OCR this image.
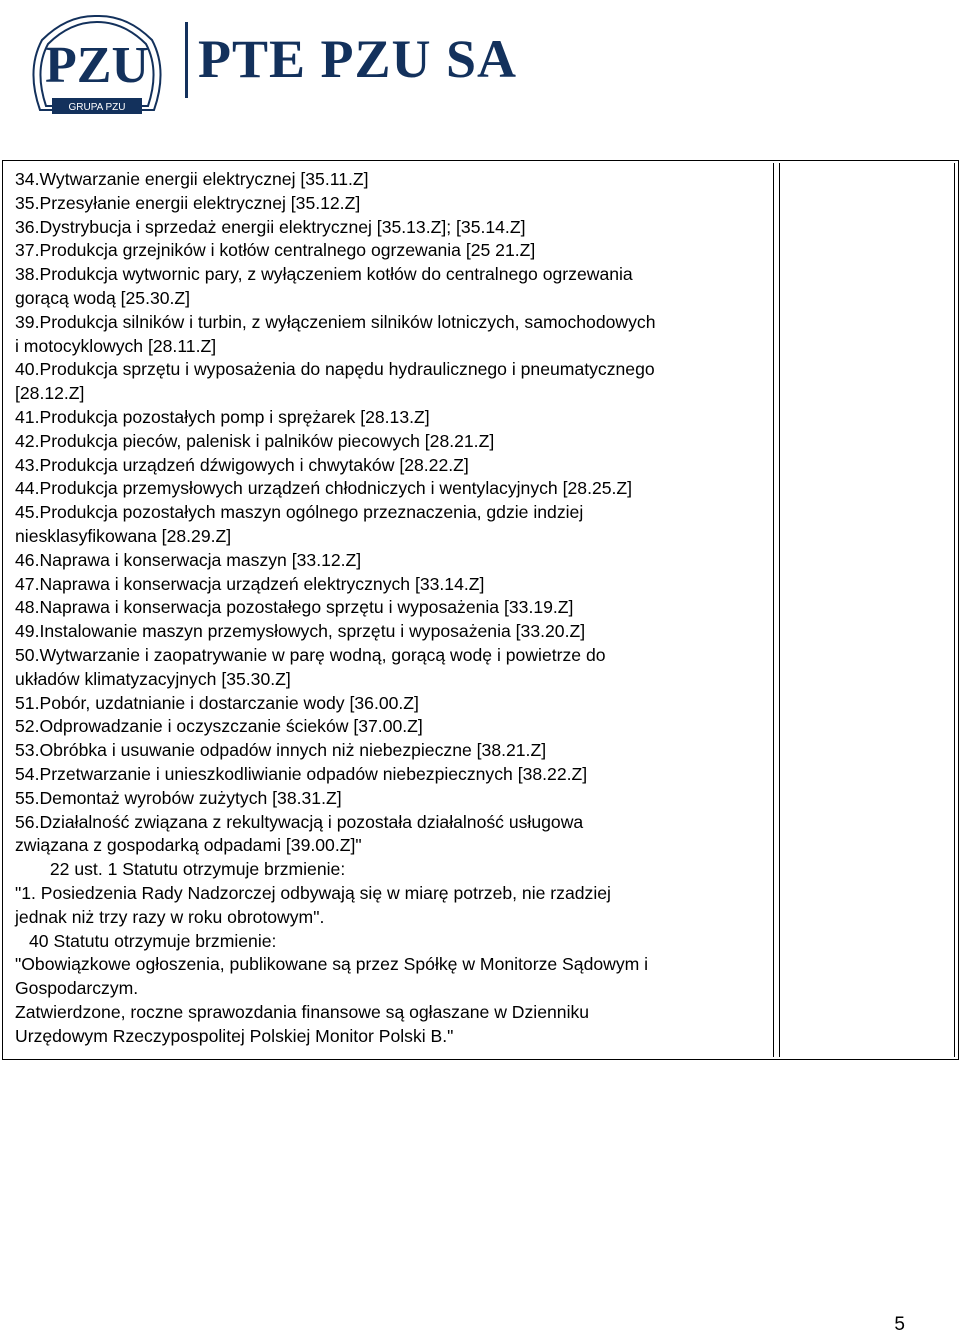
PZU
GRUPA PZU
PTE PZU SA
34.Wytwarzanie energii elektrycznej [35.11.Z]
35.Przesyłanie energii elektrycznej [35.12.Z]
36.Dystrybucja i sprzedaż energii elektrycznej [35.13.Z]; [35.14.Z]
37.Produkcja grzejników i kotłów centralnego ogrzewania [25 21.Z]
38.Produkcja wytwornic pary, z wyłączeniem kotłów do centralnego ogrzewania
gorącą wodą [25.30.Z]
39.Produkcja silników i turbin, z wyłączeniem silników lotniczych, samochodowych
i motocyklowych [28.11.Z]
40.Produkcja sprzętu i wyposażenia do napędu hydraulicznego i pneumatycznego
[28.12.Z]
41.Produkcja pozostałych pomp i sprężarek [28.13.Z]
42.Produkcja pieców, palenisk i palników piecowych [28.21.Z]
43.Produkcja urządzeń dźwigowych i chwytaków [28.22.Z]
44.Produkcja przemysłowych urządzeń chłodniczych i wentylacyjnych [28.25.Z]
45.Produkcja pozostałych maszyn ogólnego przeznaczenia, gdzie indziej
niesklasyfikowana [28.29.Z]
46.Naprawa i konserwacja maszyn [33.12.Z]
47.Naprawa i konserwacja urządzeń elektrycznych [33.14.Z]
48.Naprawa i konserwacja pozostałego sprzętu i wyposażenia [33.19.Z]
49.Instalowanie maszyn przemysłowych, sprzętu i wyposażenia [33.20.Z]
50.Wytwarzanie i zaopatrywanie w parę wodną, gorącą wodę i powietrze do
układów klimatyzacyjnych [35.30.Z]
51.Pobór, uzdatnianie i dostarczanie wody [36.00.Z]
52.Odprowadzanie i oczyszczanie ścieków [37.00.Z]
53.Obróbka i usuwanie odpadów innych niż niebezpieczne [38.21.Z]
54.Przetwarzanie i unieszkodliwianie odpadów niebezpiecznych [38.22.Z]
55.Demontaż wyrobów zużytych [38.31.Z]
56.Działalność związana z rekultywacją i pozostała działalność usługowa
związana z gospodarką odpadami [39.00.Z]"
22 ust. 1 Statutu otrzymuje brzmienie:
"1. Posiedzenia Rady Nadzorczej odbywają się w miarę potrzeb, nie rzadziej
jednak niż trzy razy w roku obrotowym".
40 Statutu otrzymuje brzmienie:
"Obowiązkowe ogłoszenia, publikowane są przez Spółkę w Monitorze Sądowym i
Gospodarczym.
Zatwierdzone, roczne sprawozdania finansowe są ogłaszane w Dzienniku
Urzędowym Rzeczypospolitej Polskiej Monitor Polski B."
5
